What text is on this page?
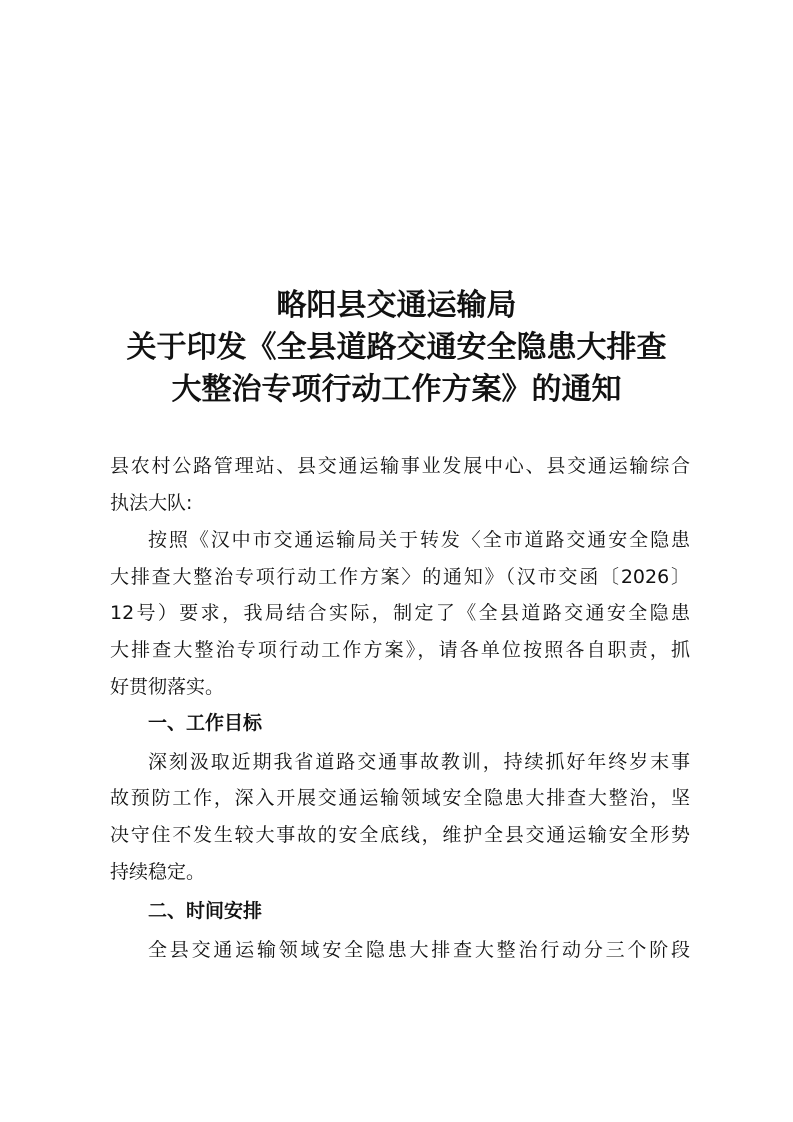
略阳县交通运输局
关于印发《全县道路交通安全隐患大排查
大整治专项行动工作方案》的通知
县农村公路管理站、县交通运输事业发展中心、县交通运输综合
执法大队:
按照《汉中市交通运输局关于转发〈全市道路交通安全隐患
大排查大整治专项行动工作方案〉的通知》（汉市交函〔2026〕
12号）要求，我局结合实际，制定了《全县道路交通安全隐患
大排查大整治专项行动工作方案》，请各单位按照各自职责，抓
好贯彻落实。
一、工作目标
深刻汲取近期我省道路交通事故教训，持续抓好年终岁末事
故预防工作，深入开展交通运输领域安全隐患大排查大整治，坚
决守住不发生较大事故的安全底线，维护全县交通运输安全形势
持续稳定。
二、时间安排
全县交通运输领域安全隐患大排查大整治行动分三个阶段
